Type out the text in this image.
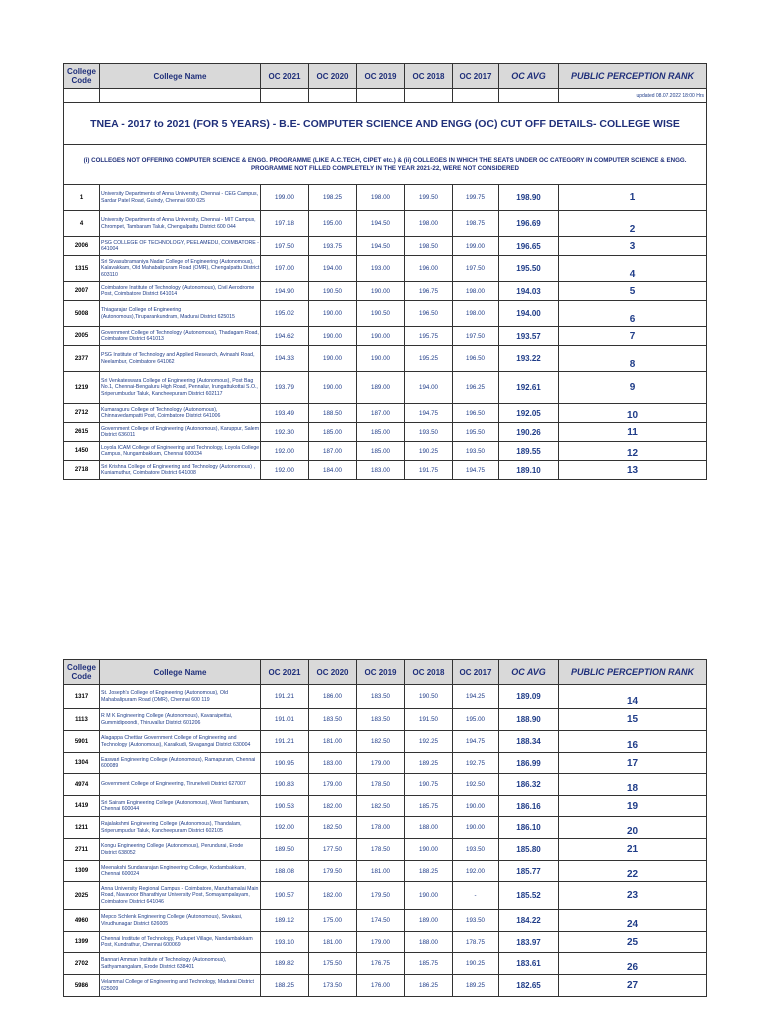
								updated 08.07.2022 18:00 Hrs
TNEA - 2017 to 2021 (FOR 5 YEARS) - B.E- COMPUTER SCIENCE AND ENGG (OC) CUT OFF DETAILS- COLLEGE WISE								
(i) COLLEGES NOT OFFERING COMPUTER SCIENCE & ENGG. PROGRAMME (LIKE A.C.TECH, CIPET etc.) & (ii) COLLEGES IN WHICH THE SEATS UNDER OC CATEGORY IN COMPUTER SCIENCE & ENGG. PROGRAMME NOT FILLED COMPLETELY IN THE YEAR 2021-22, WERE NOT CONSIDERED								
College Code	College Name	OC 2021	OC 2020	OC 2019	OC 2018	OC 2017	OC AVG	PUBLIC PERCEPTION RANK
1	University Departments of Anna University, Chennai - CEG Campus, Sardar Patel Road, Guindy, Chennai 600 025	199.00	198.25	198.00	199.50	199.75	198.90	1
4	University Departments of Anna University, Chennai - MIT Campus, Chrompet, Tambaram Taluk, Chengalpattu District 600 044	197.18	195.00	194.50	198.00	198.75	196.69	2

2006	PSG COLLEGE OF TECHNOLOGY, PEELAMEDU, COIMBATORE - 641004	197.50	193.75	194.50	198.50	199.00	196.65	3
1315	Sri Sivasubramaniya Nadar College of Engineering (Autonomous), Kalavakkam, Old Mahabalipuram Road (OMR), Chengalpattu District 603110	197.00	194.00	193.00	196.00	197.50	195.50	4

2007	Coimbatore Institute of Technology (Autonomous), Civil Aerodrome Post, Coimbatore District 641014	194.90	190.50	190.00	196.75	198.00	194.03	5
5008	Thiagarajar College of Engineering (Autonomous),Tiruparankundram, Madurai District 625015	195.02	190.00	190.50	196.50	198.00	194.00	6

2005	Government College of Technology (Autonomous), Thadagam Road, Coimbatore District 641013	194.62	190.00	190.00	195.75	197.50	193.57	7
2377	PSG Institute of Technology and Applied Research, Avinashi Road, Neelambur, Coimbatore 641062	194.33	190.00	190.00	195.25	196.50	193.22	8

1219	Sri Venkateswara College of Engineering (Autonomous), Post Bag No.1, Chennai-Bengaluru High Road, Pennalur, Irungattukottai S.O., Sriperumbudur Taluk, Kancheepuram District 602117	193.79	190.00	189.00	194.00	196.25	192.61	9
2712	Kumaraguru College of Technology (Autonomous), Chinnavedampatti Post, Coimbatore District 641006	193.49	188.50	187.00	194.75	196.50	192.05	10

2615	Government College of Engineering (Autonomous), Karuppur, Salem District 636011	192.30	185.00	185.00	193.50	195.50	190.26	11
1450	Loyola ICAM College of Engineering and Technology, Loyola College Campus, Nungambakkam, Chennai 600034	192.00	187.00	185.00	190.25	193.50	189.55	12

2718	Sri Krishna College of Engineering and Technology (Autonomous) , Kuniamuthur, Coimbatore District 641008	192.00	184.00	183.00	191.75	194.75	189.10	13
College Code	College Name	OC 2021	OC 2020	OC 2019	OC 2018	OC 2017	OC AVG	PUBLIC PERCEPTION RANK
1317	St. Joseph's College of Engineering (Autonomous), Old Mahabalipuram Road (OMR), Chennai 600 119	191.21	186.00	183.50	190.50	194.25	189.09	14

1113	R M K Engineering College (Autonomous), Kavaraipettai, Gummidipoondi, Thiruvallur District 601206	191.01	183.50	183.50	191.50	195.00	188.90	15
5901	Alagappa Chettiar Government College of Engineering and Technology (Autonomous), Karaikudi, Sivagangai District 630004	191.21	181.00	182.50	192.25	194.75	188.34	16

1304	Easwari Engineering College (Autonomous), Ramapuram, Chennai 600089	190.95	183.00	179.00	189.25	192.75	186.99	17
4974	Government College of Engineering, Tirunelveli District 627007	190.83	179.00	178.50	190.75	192.50	186.32	18

1419	Sri Sairam Engineering College (Autonomous), West Tambaram, Chennai 600044	190.53	182.00	182.50	185.75	190.00	186.16	19
1211	Rajalakshmi Engineering College (Autonomous), Thandalam, Sriperumpudur Taluk, Kancheepuram District 602105	192.00	182.50	178.00	188.00	190.00	186.10	20

2711	Kongu Engineering College (Autonomous), Perundurai, Erode District 638052	189.50	177.50	178.50	190.00	193.50	185.80	21
1309	Meenakshi Sundararajan Engineering College, Kodambakkam, Chennai 600024	188.08	179.50	181.00	188.25	192.00	185.77	22

2025	Anna University Regional Campus - Coimbatore, Maruthamalai Main Road, Navavoor Bharathiyar University Post, Somayampalayam, Coimbatore District 641046	190.57	182.00	179.50	190.00	-	185.52	23
4960	Mepco Schlenk Engineering College (Autonomous), Sivakasi, Virudhunagar District 626005	189.12	175.00	174.50	189.00	193.50	184.22	24

1399	Chennai Institute of Technology, Pudupet Village, Nandambakkam Post, Kundrathur, Chennai 600069	193.10	181.00	179.00	188.00	178.75	183.97	25
2702	Bannari Amman Institute of Technology (Autonomous), Sathyamangalam, Erode District 638401	189.82	175.50	176.75	185.75	190.25	183.61	26

5986	Velammal College of Engineering and Technology, Madurai District 625009	188.25	173.50	176.00	186.25	189.25	182.65	27
